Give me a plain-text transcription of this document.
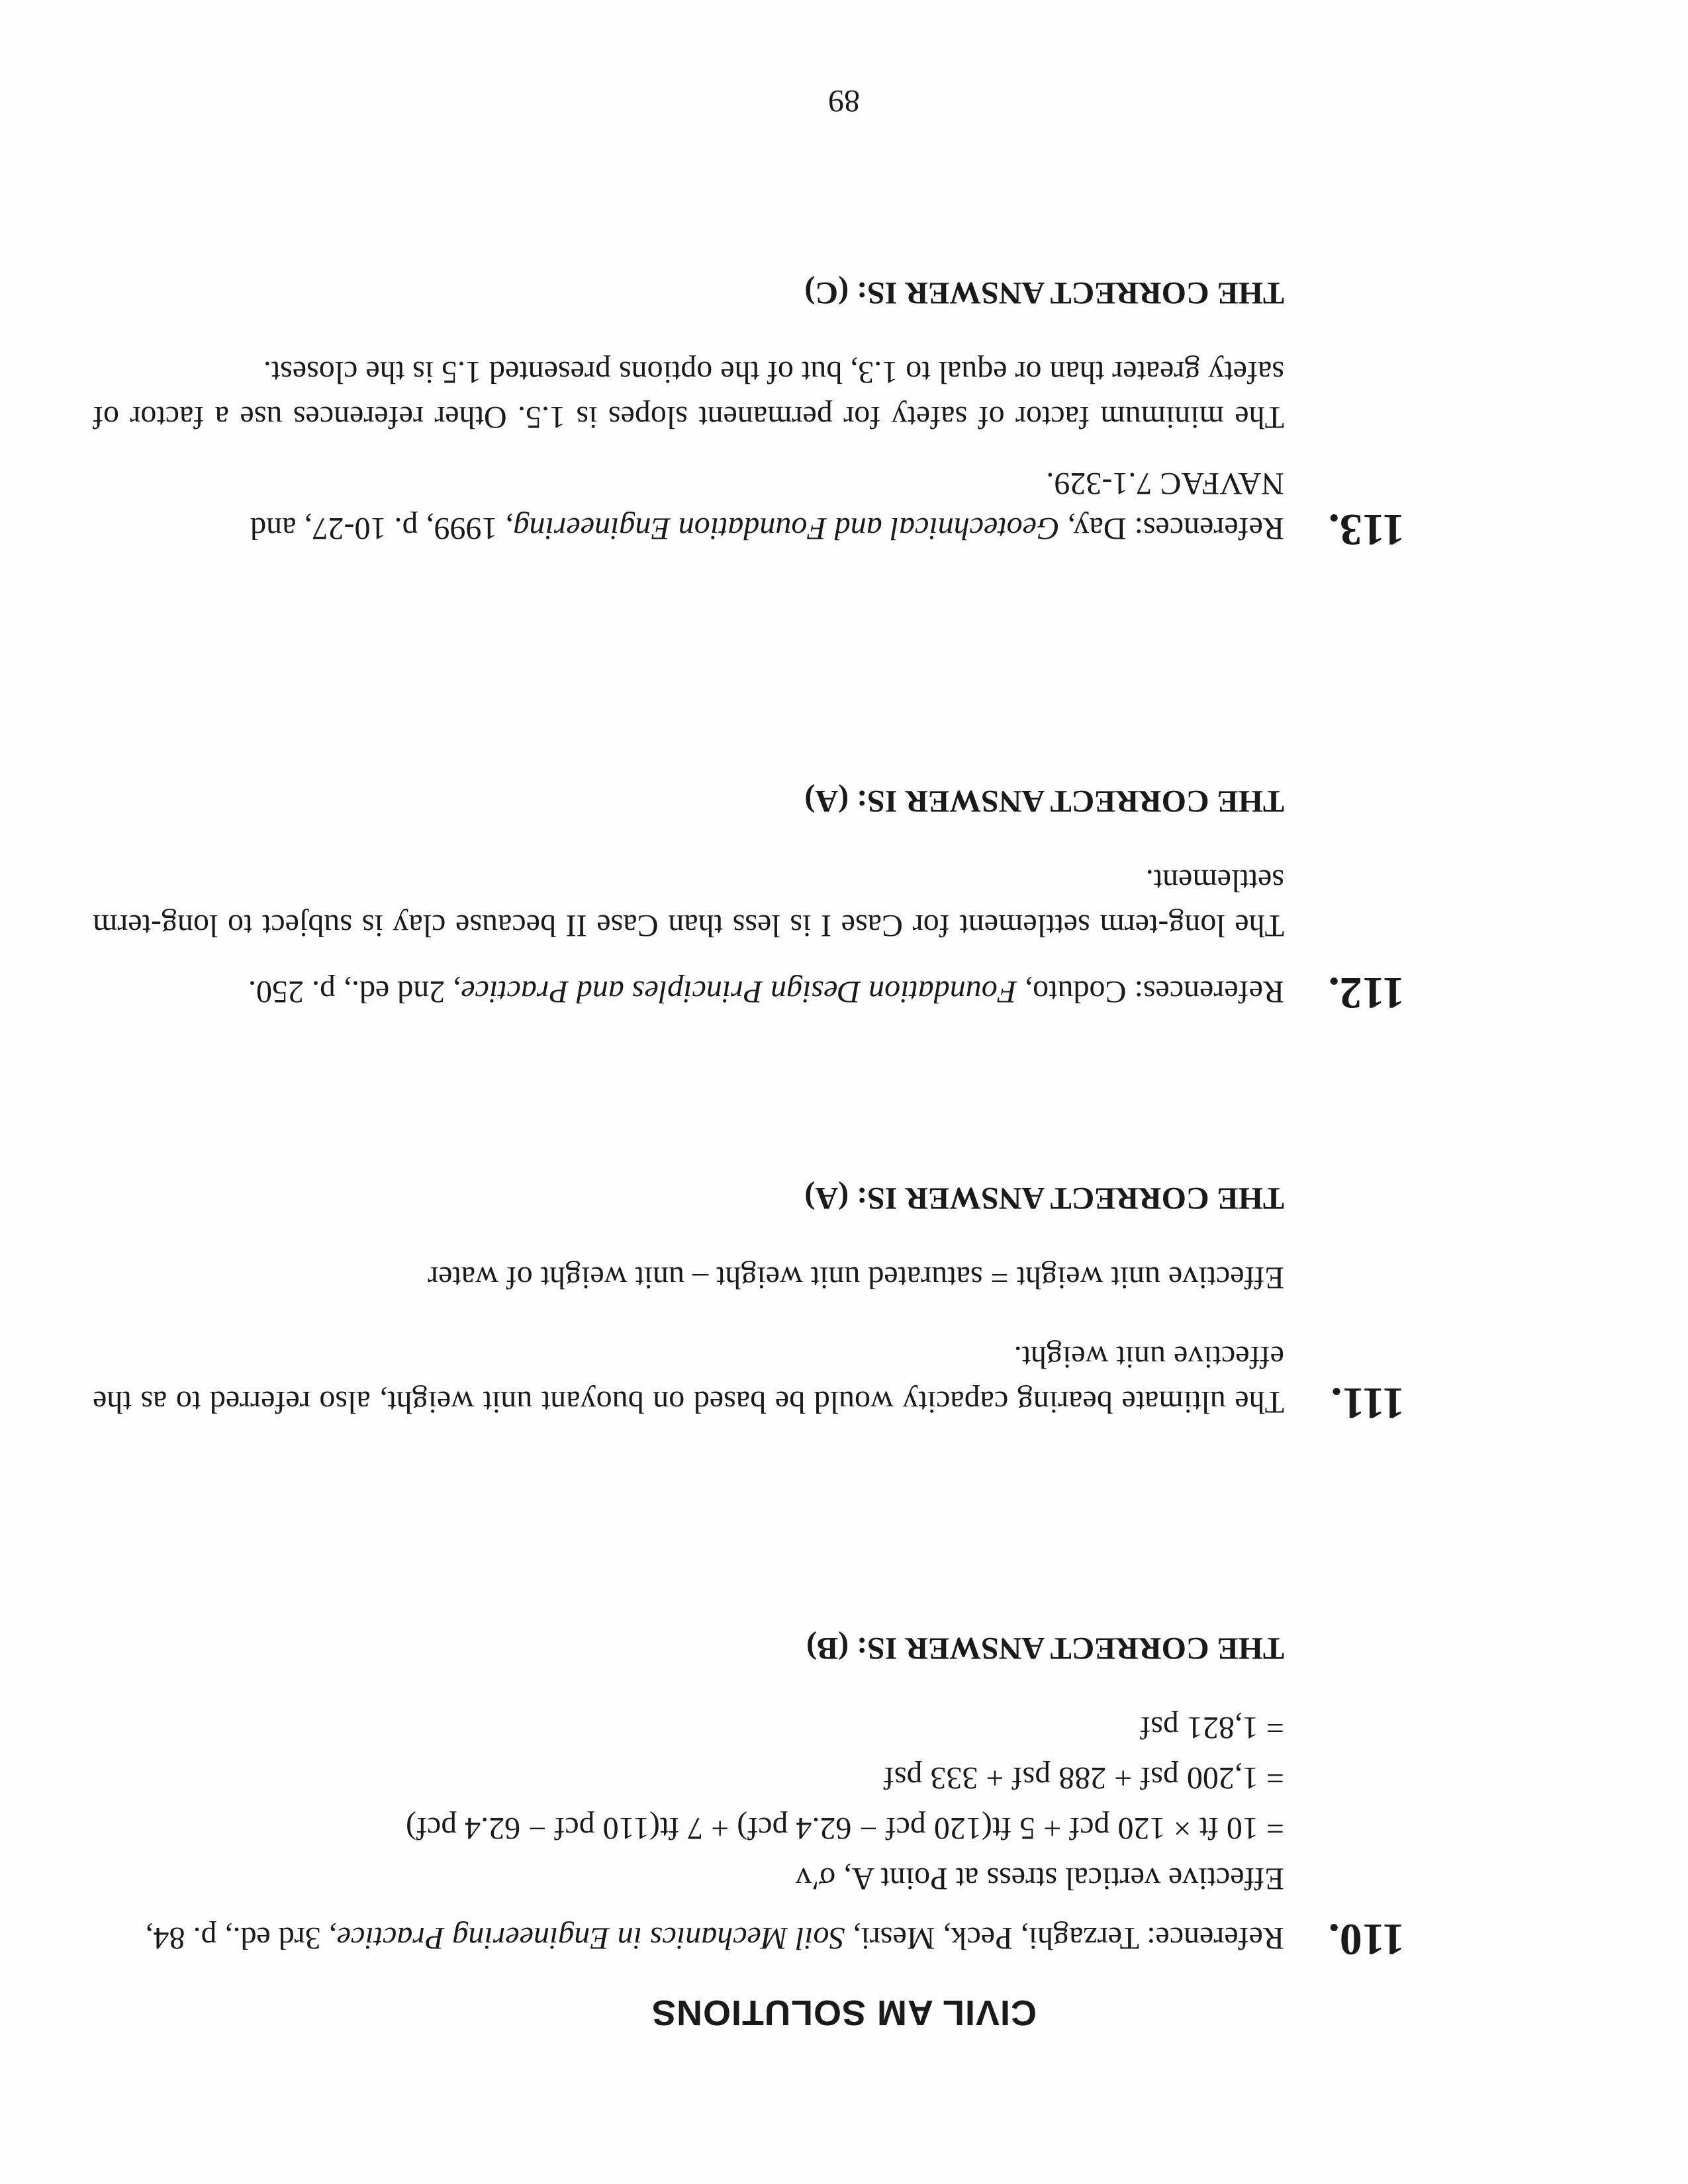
CIVIL AM SOLUTIONS
110.
Reference: Terzaghi, Peck, Mesri, Soil Mechanics in Engineering Practice, 3rd ed., p. 84,
Effective vertical stress at Point A, σ′v
= 10 ft × 120 pcf + 5 ft(120 pcf − 62.4 pcf) + 7 ft(110 pcf − 62.4 pcf)
= 1,200 psf + 288 psf + 333 psf
= 1,821 psf
THE CORRECT ANSWER IS: (B)
111.
The ultimate bearing capacity would be based on buoyant unit weight, also referred to as the effective unit weight.
Effective unit weight = saturated unit weight – unit weight of water
THE CORRECT ANSWER IS: (A)
112.
References: Coduto, Foundation Design Principles and Practice, 2nd ed., p. 250.
The long-term settlement for Case I is less than Case II because clay is subject to long-term settlement.
THE CORRECT ANSWER IS: (A)
113.
References: Day, Geotechnical and Foundation Engineering, 1999, p. 10-27, and
NAVFAC 7.1-329.
The minimum factor of safety for permanent slopes is 1.5. Other references use a factor of safety greater than or equal to 1.3, but of the options presented 1.5 is the closest.
THE CORRECT ANSWER IS: (C)
89
